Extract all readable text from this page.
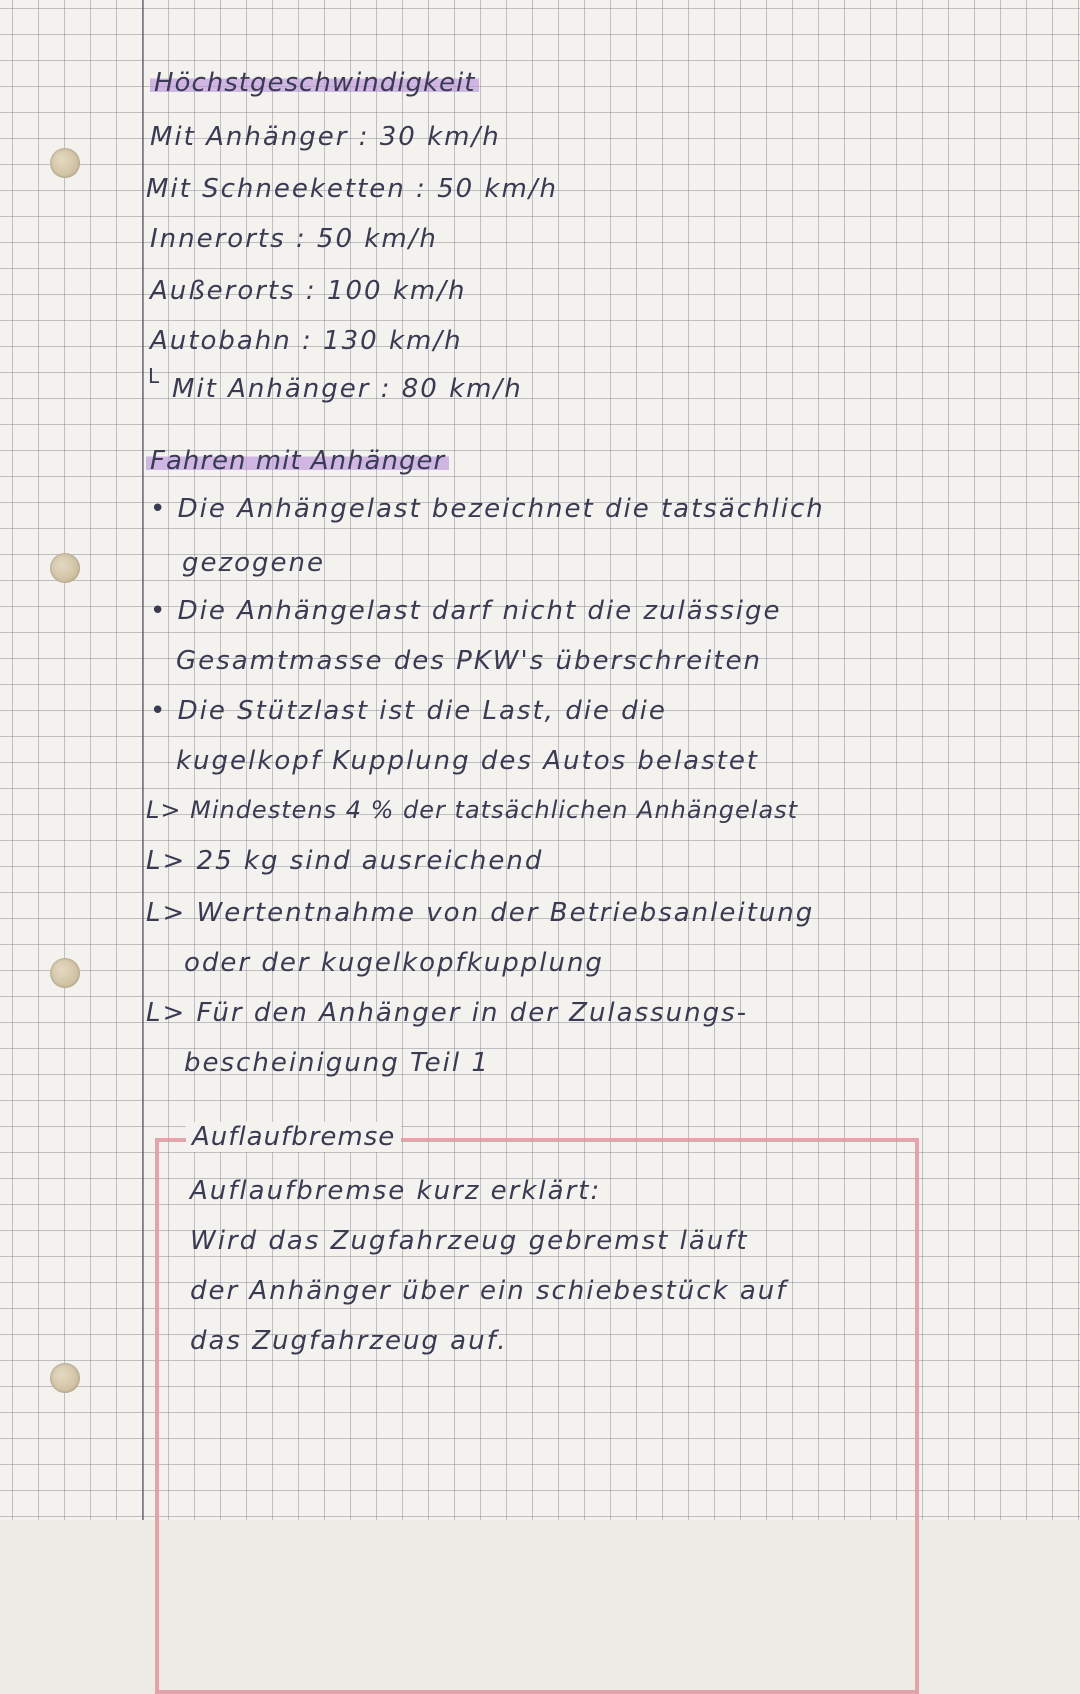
Höchstgeschwindigkeit
Mit Anhänger : 30 km/h
Mit Schneeketten : 50 km/h
Innerorts : 50 km/h
Außerorts : 100 km/h
Autobahn : 130 km/h
L Mit Anhänger : 80 km/h
Fahren mit Anhänger
• Die Anhängelast bezeichnet die tatsächlich
gezogene
• Die Anhängelast darf nicht die zulässige
Gesamtmasse des PKW's überschreiten
• Die Stützlast ist die Last, die die
kugelkopf Kupplung des Autos belastet
L> Mindestens 4 % der tatsächlichen Anhängelast
L> 25 kg sind ausreichend
L> Wertentnahme von der Betriebsanleitung
oder der kugelkopfkupplung
L> Für den Anhänger in der Zulassungs-
bescheinigung Teil 1
Auflaufbremse
Auflaufbremse kurz erklärt:
Wird das Zugfahrzeug gebremst läuft
der Anhänger über ein schiebestück auf
das Zugfahrzeug auf.
